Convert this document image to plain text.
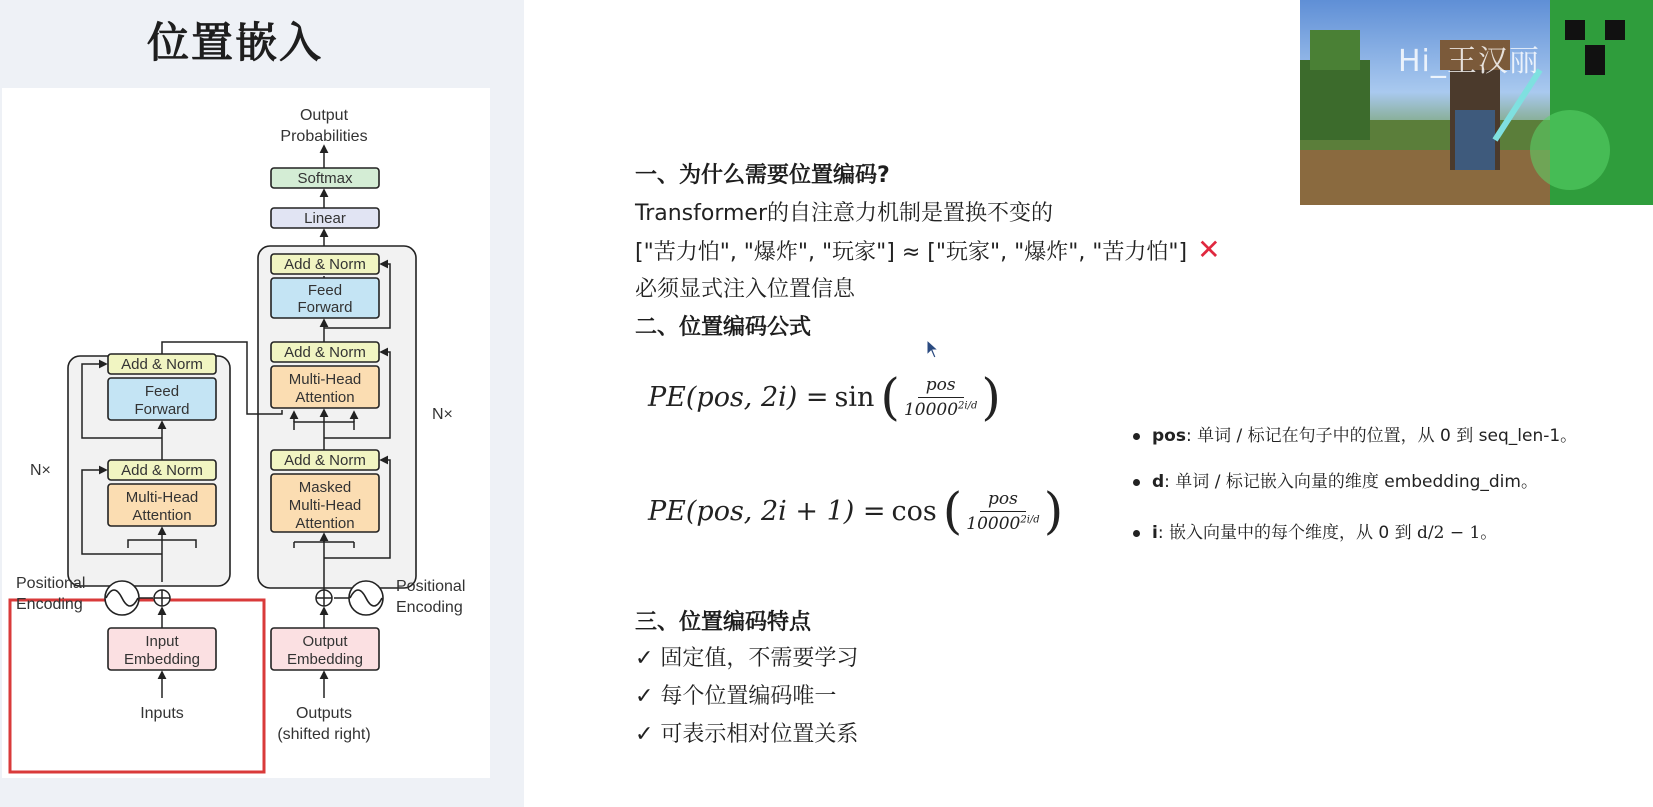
位置嵌入
Output
Probabilities
Softmax
Linear
Add & Norm
Feed
Forward
Add & Norm
Multi-Head
Attention
Add & Norm
Masked
Multi-Head
Attention
Add & Norm
Feed
Forward
Add & Norm
Multi-Head
Attention
N×
N×
Positional
Encoding
Positional
Encoding
Input
Embedding
Inputs
Output
Embedding
Outputs
(shifted right)
Hi_王汉丽
一、为什么需要位置编码?
Transformer的自注意力机制是置换不变的
["苦力怕", "爆炸", "玩家"] ≈ ["玩家", "爆炸", "苦力怕"] ✕
必须显式注入位置信息
二、位置编码公式
PE(pos, 2i) = sin ( $\frac{\text{pos}}{10000^{2i/d}}$ )
PE(pos, 2i + 1) = cos ( $\frac{\text{pos}}{10000^{2i/d}}$ )
pos: 单词 / 标记在句子中的位置，从 0 到 seq_len-1。
d: 单词 / 标记嵌入向量的维度 embedding_dim。
i: 嵌入向量中的每个维度，从 0 到 d/2 − 1。
三、位置编码特点
✓ 固定值，不需要学习
✓ 每个位置编码唯一
✓ 可表示相对位置关系
